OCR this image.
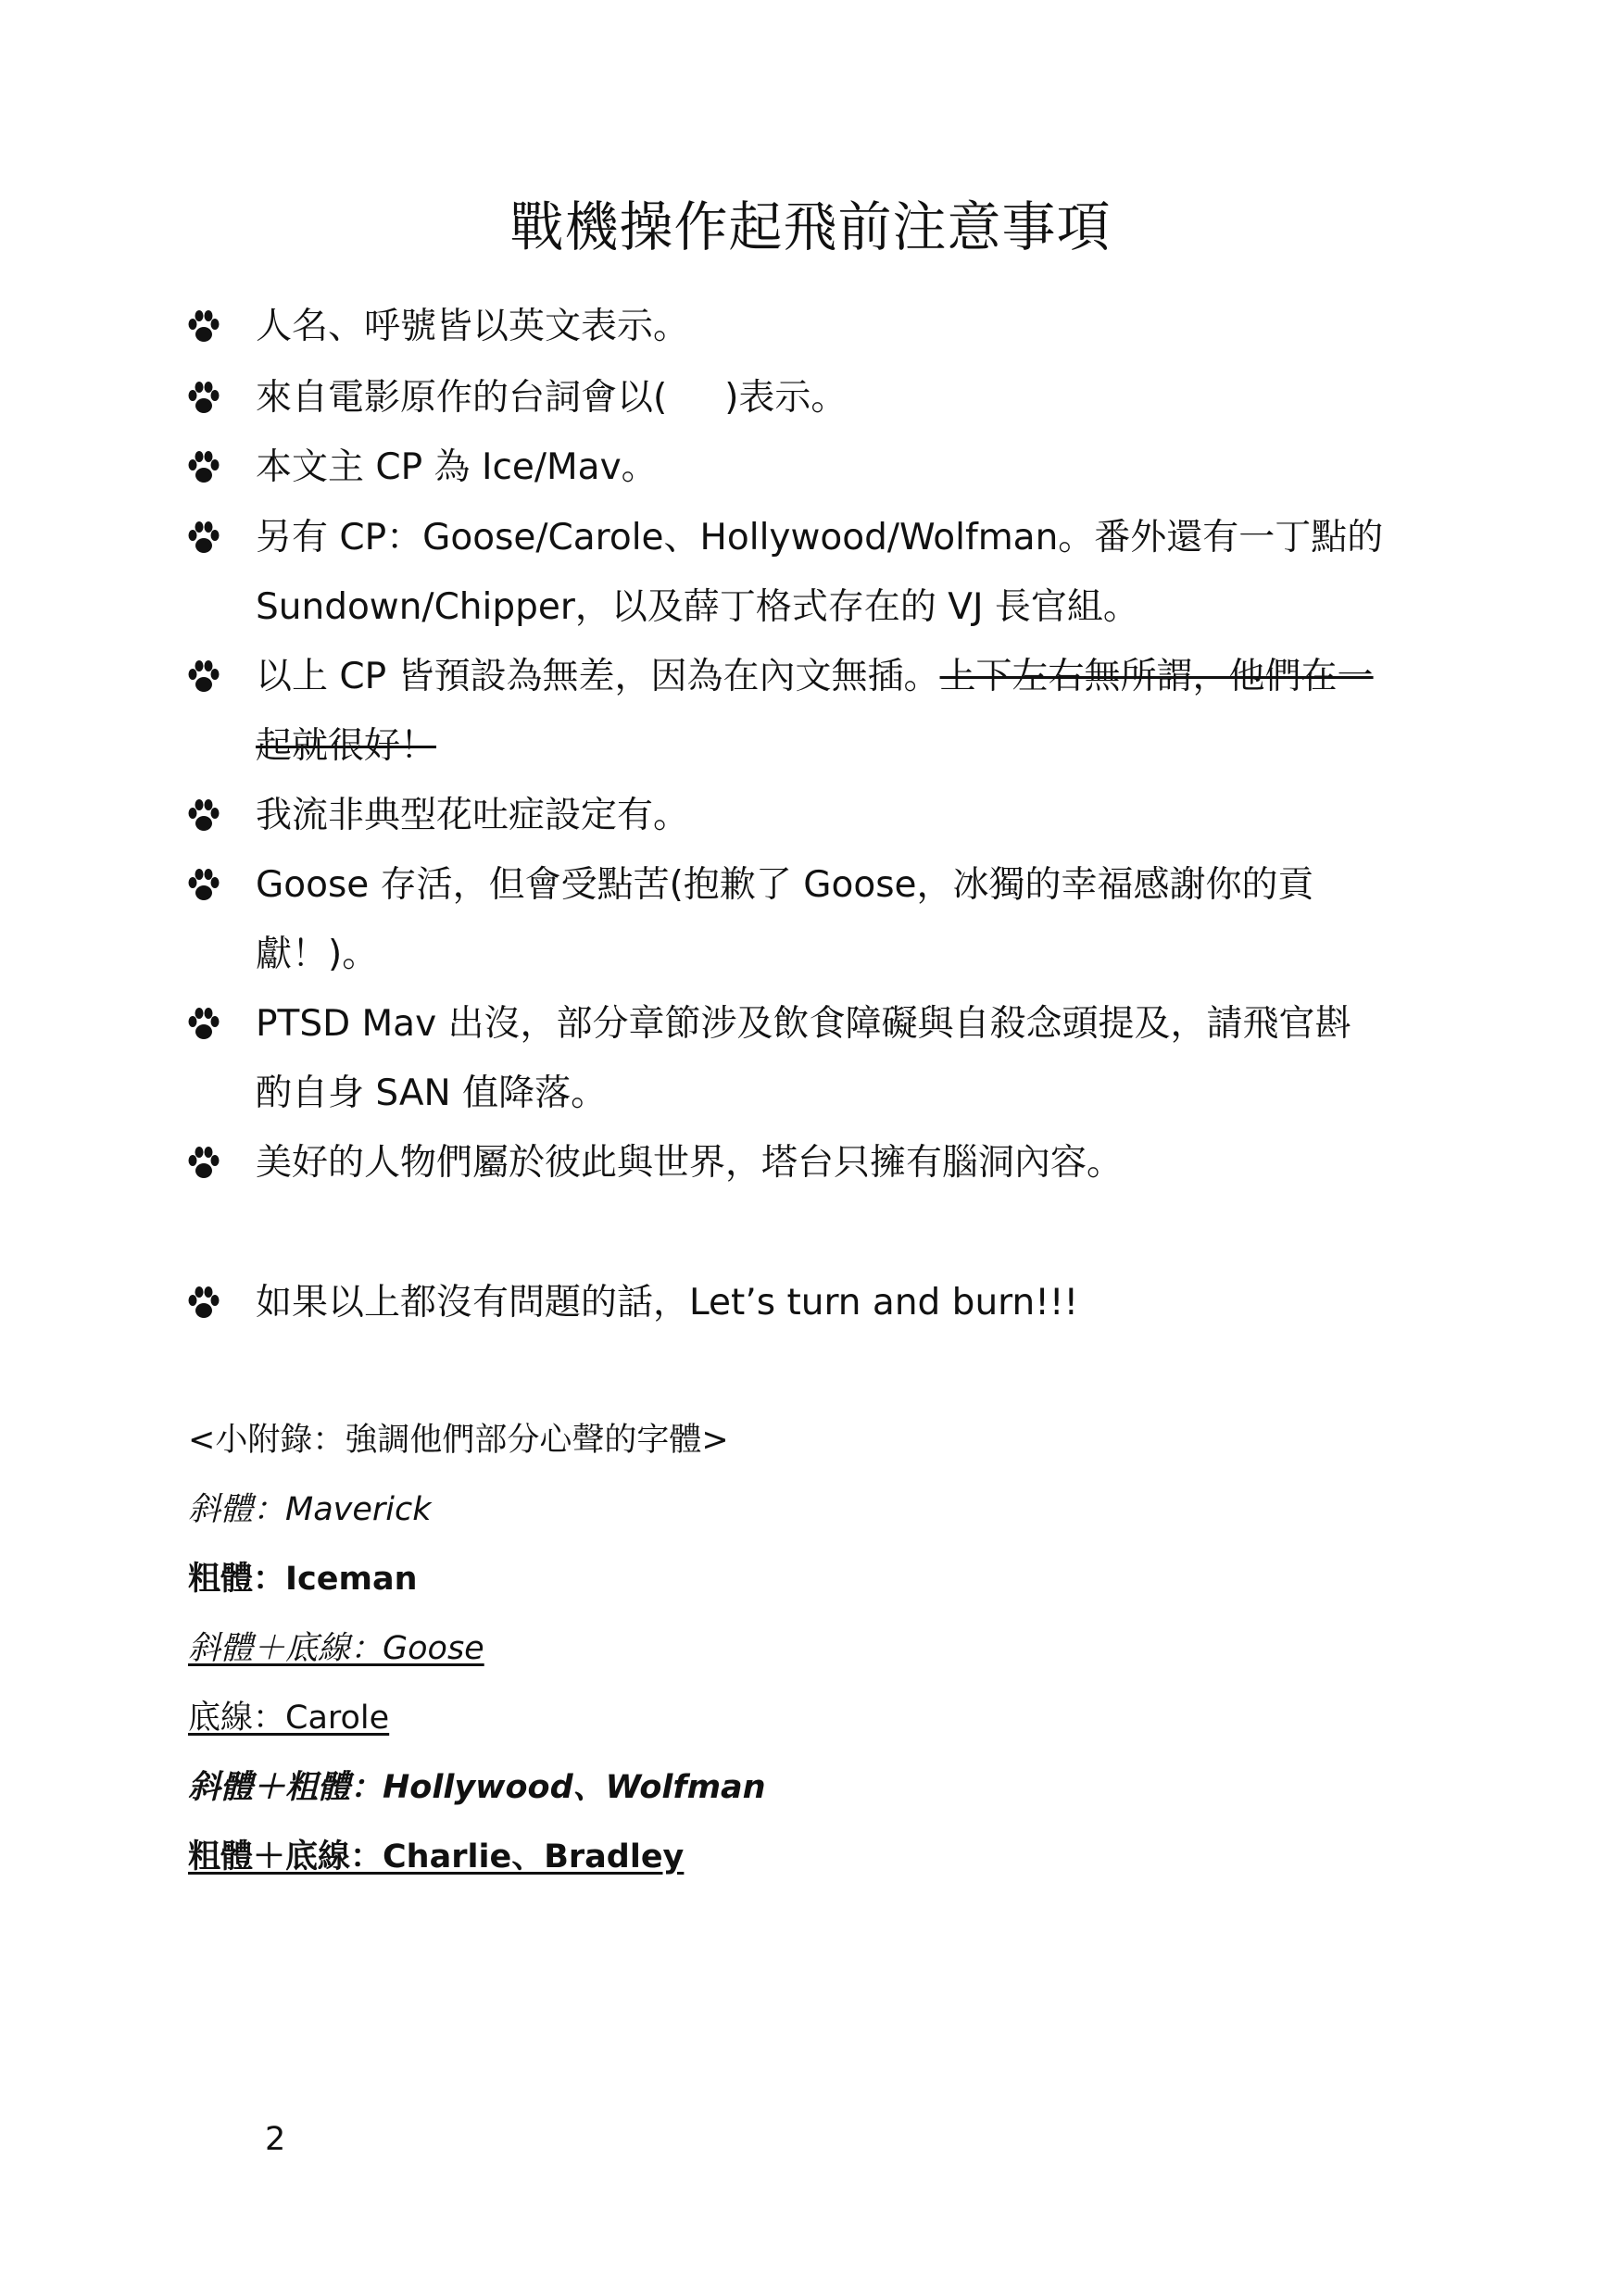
戰機操作起飛前注意事項
人名、呼號皆以英文表示。
來自電影原作的台詞會以(     )表示。
本文主 CP 為 Ice/Mav。
另有 CP：Goose/Carole、Hollywood/Wolfman。番外還有一丁點的 Sundown/Chipper，以及薛丁格式存在的 VJ 長官組。
以上 CP 皆預設為無差，因為在內文無插。上下左右無所謂，他們在一起就很好！
我流非典型花吐症設定有。
Goose 存活，但會受點苦(抱歉了 Goose，冰獨的幸福感謝你的貢獻！)。
PTSD Mav 出沒，部分章節涉及飲食障礙與自殺念頭提及，請飛官斟酌自身 SAN 值降落。
美好的人物們屬於彼此與世界，塔台只擁有腦洞內容。
如果以上都沒有問題的話，Let’s turn and burn!!!
<小附錄：強調他們部分心聲的字體>
斜體：Maverick
粗體：Iceman
斜體＋底線：Goose
底線：Carole
斜體＋粗體：Hollywood、Wolfman
粗體＋底線：Charlie、Bradley
2
